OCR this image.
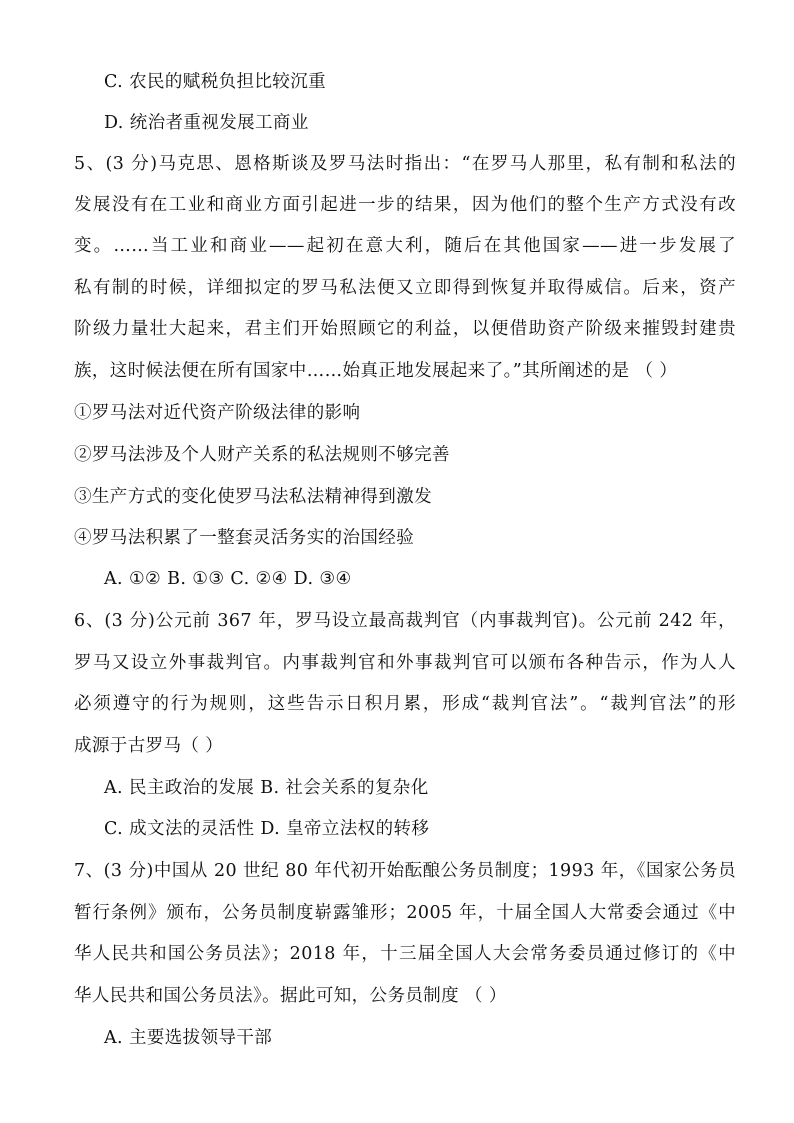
C. 农民的赋税负担比较沉重
D. 统治者重视发展工商业
5、(3 分)马克思、恩格斯谈及罗马法时指出：“在罗马人那里，私有制和私法的
发展没有在工业和商业方面引起进一步的结果，因为他们的整个生产方式没有改
变。……当工业和商业——起初在意大利，随后在其他国家——进一步发展了
私有制的时候，详细拟定的罗马私法便又立即得到恢复并取得威信。后来，资产
阶级力量壮大起来，君主们开始照顾它的利益，以便借助资产阶级来摧毁封建贵
族，这时候法便在所有国家中……始真正地发展起来了。”其所阐述的是 （ ）
①罗马法对近代资产阶级法律的影响
②罗马法涉及个人财产关系的私法规则不够完善
③生产方式的变化使罗马法私法精神得到激发
④罗马法积累了一整套灵活务实的治国经验
A. ①② B. ①③ C. ②④ D. ③④
6、(3 分)公元前 367 年，罗马设立最高裁判官（内事裁判官)。公元前 242 年，
罗马又设立外事裁判官。内事裁判官和外事裁判官可以颁布各种告示，作为人人
必须遵守的行为规则，这些告示日积月累，形成“裁判官法”。“裁判官法”的形
成源于古罗马（ ）
A. 民主政治的发展 B. 社会关系的复杂化
C. 成文法的灵活性 D. 皇帝立法权的转移
7、(3 分)中国从 20 世纪 80 年代初开始酝酿公务员制度；1993 年，《国家公务员
暂行条例》颁布，公务员制度崭露雏形；2005 年，十届全国人大常委会通过《中
华人民共和国公务员法》；2018 年，十三届全国人大会常务委员通过修订的《中
华人民共和国公务员法》。据此可知，公务员制度 （ ）
A. 主要选拔领导干部
